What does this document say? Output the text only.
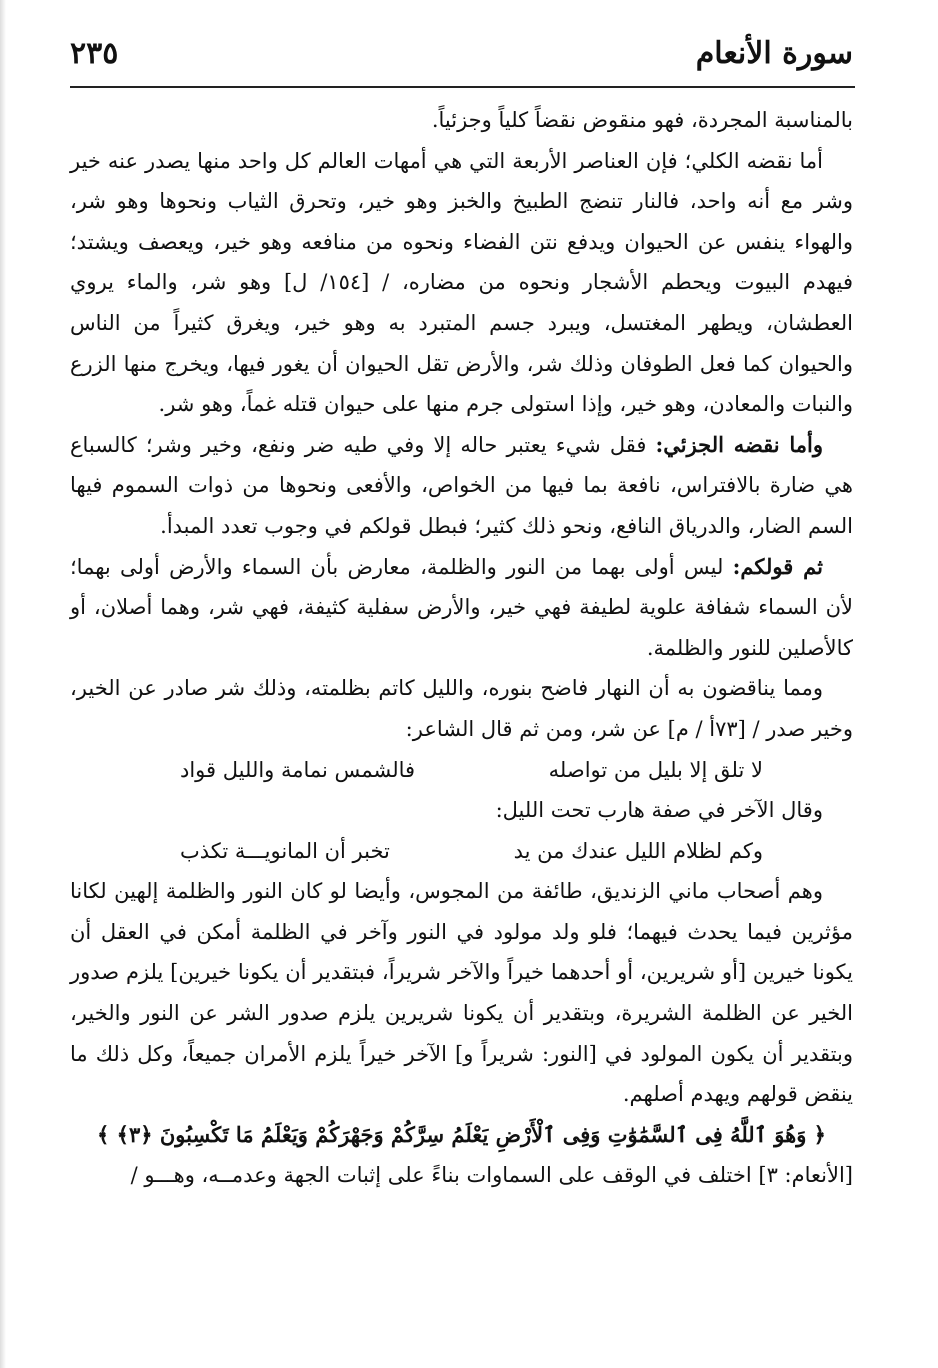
سورة الأنعام
٢٣٥

بالمناسبة المجردة، فهو منقوض نقضاً كلياً وجزئياً.

أما نقضه الكلي؛ فإن العناصر الأربعة التي هي أمهات العالم كل واحد منها يصدر عنه خير وشر مع أنه واحد، فالنار تنضج الطبيخ والخبز وهو خير، وتحرق الثياب ونحوها وهو شر، والهواء ينفس عن الحيوان ويدفع نتن الفضاء ونحوه من منافعه وهو خير، ويعصف ويشتد؛ فيهدم البيوت ويحطم الأشجار ونحوه من مضاره، / [١٥٤/ ل] وهو شر، والماء يروي العطشان، ويطهر المغتسل، ويبرد جسم المتبرد به وهو خير، ويغرق كثيراً من الناس والحيوان كما فعل الطوفان وذلك شر، والأرض تقل الحيوان أن يغور فيها، ويخرج منها الزرع والنبات والمعادن، وهو خير، وإذا استولى جرم منها على حيوان قتله غماً، وهو شر.

وأما نقضه الجزئي: فقل شيء يعتبر حاله إلا وفي طيه ضر ونفع، وخير وشر؛ كالسباع هي ضارة بالافتراس، نافعة بما فيها من الخواص، والأفعى ونحوها من ذوات السموم فيها السم الضار، والدرياق النافع، ونحو ذلك كثير؛ فبطل قولكم في وجوب تعدد المبدأ.

ثم قولكم: ليس أولى بهما من النور والظلمة، معارض بأن السماء والأرض أولى بهما؛ لأن السماء شفافة علوية لطيفة فهي خير، والأرض سفلية كثيفة، فهي شر، وهما أصلان، أو كالأصلين للنور والظلمة.

ومما يناقضون به أن النهار فاضح بنوره، والليل كاتم بظلمته، وذلك شر صادر عن الخير، وخير صدر / [٧٣أ / م] عن شر، ومن ثم قال الشاعر:

لا تلق إلا بليل من تواصله
فالشمس نمامة والليل قواد

وقال الآخر في صفة هارب تحت الليل:

وكم لظلام الليل عندك من يد
تخبر أن المانويـــة تكذب

وهم أصحاب ماني الزنديق، طائفة من المجوس، وأيضا لو كان النور والظلمة إلهين لكانا مؤثرين فيما يحدث فيهما؛ فلو ولد مولود في النور وآخر في الظلمة أمكن في العقل أن يكونا خيرين [أو شريرين، أو أحدهما خيراً والآخر شريراً، فبتقدير أن يكونا خيرين] يلزم صدور الخير عن الظلمة الشريرة، وبتقدير أن يكونا شريرين يلزم صدور الشر عن النور والخير، وبتقدير أن يكون المولود في [النور: شريراً و] الآخر خيراً يلزم الأمران جميعاً، وكل ذلك ما ينقض قولهم ويهدم أصلهم.

﴿ وَهُوَ ٱللَّهُ فِى ٱلسَّمَٰوَٰتِ وَفِى ٱلْأَرْضِ يَعْلَمُ سِرَّكُمْ وَجَهْرَكُمْ وَيَعْلَمُ مَا تَكْسِبُونَ ﴿٣﴾ ﴾

[الأنعام: ٣] اختلف في الوقف على السماوات بناءً على إثبات الجهة وعدمــه، وهـــو /
